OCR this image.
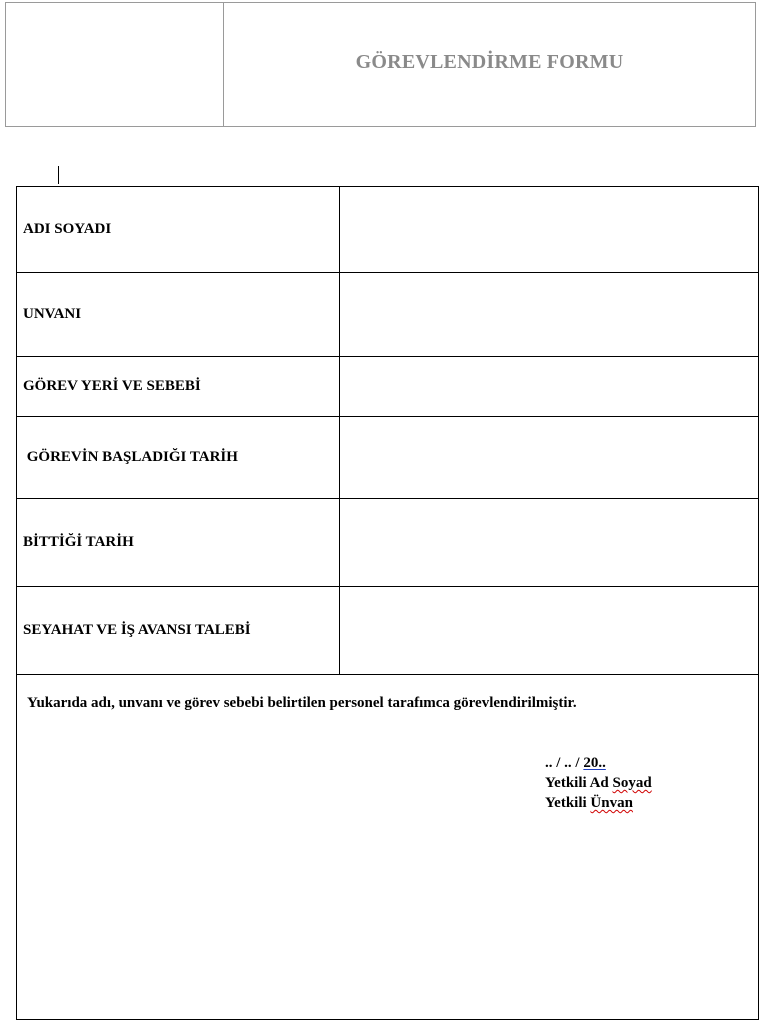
GÖREVLENDİRME FORMU
ADI SOYADI
UNVANI
GÖREV YERİ VE SEBEBİ
GÖREVİN BAŞLADIĞI TARİH
BİTTİĞİ TARİH
SEYAHAT VE İŞ AVANSI TALEBİ
Yukarıda adı, unvanı ve görev sebebi belirtilen personel tarafımca görevlendirilmiştir.
.. / .. / 20..
Yetkili Ad Soyad
Yetkili Ünvan
